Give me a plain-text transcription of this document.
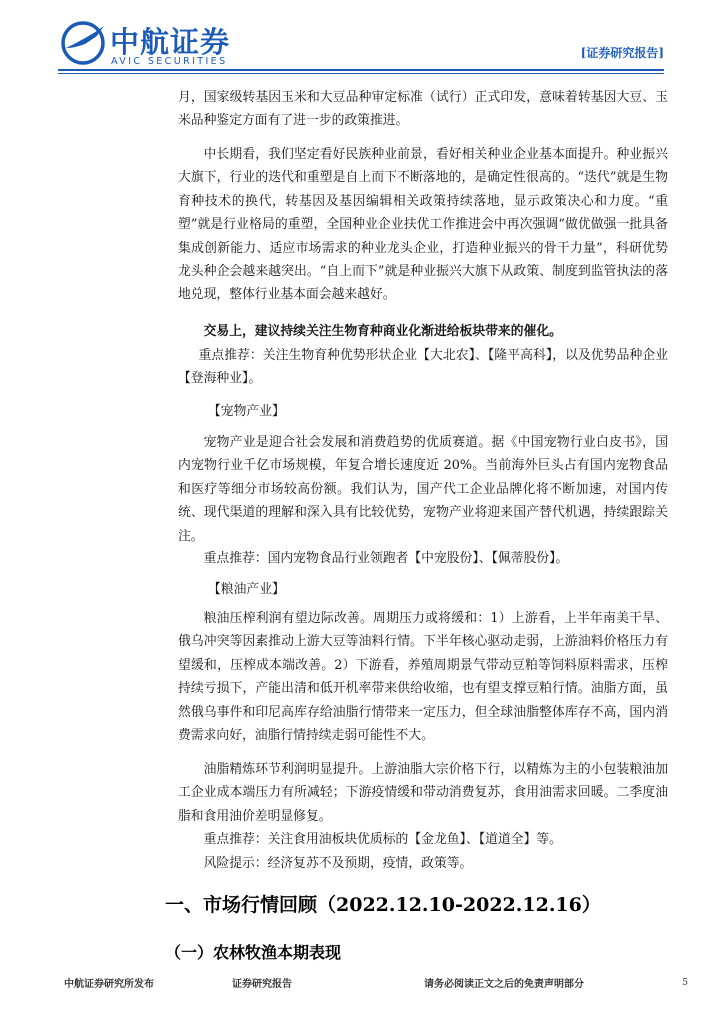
中航证券
AVIC SECURITIES
[证券研究报告]

月，国家级转基因玉米和大豆品种审定标准（试行）正式印发，意味着转基因大豆、玉米品种鉴定方面有了进一步的政策推进。

中长期看，我们坚定看好民族种业前景，看好相关种业企业基本面提升。种业振兴大旗下，行业的迭代和重塑是自上而下不断落地的，是确定性很高的。“迭代”就是生物育种技术的换代，转基因及基因编辑相关政策持续落地，显示政策决心和力度。“重塑”就是行业格局的重塑，全国种业企业扶优工作推进会中再次强调“做优做强一批具备集成创新能力、适应市场需求的种业龙头企业，打造种业振兴的骨干力量”，科研优势龙头种企会越来越突出。“自上而下”就是种业振兴大旗下从政策、制度到监管执法的落地兑现，整体行业基本面会越来越好。

交易上，建议持续关注生物育种商业化渐进给板块带来的催化。

重点推荐：关注生物育种优势形状企业【大北农】、【隆平高科】，以及优势品种企业【登海种业】。

【宠物产业】

宠物产业是迎合社会发展和消费趋势的优质赛道。据《中国宠物行业白皮书》，国内宠物行业千亿市场规模，年复合增长速度近 20%。当前海外巨头占有国内宠物食品和医疗等细分市场较高份额。我们认为，国产代工企业品牌化将不断加速，对国内传统、现代渠道的理解和深入具有比较优势，宠物产业将迎来国产替代机遇，持续跟踪关注。

重点推荐：国内宠物食品行业领跑者【中宠股份】、【佩蒂股份】。

【粮油产业】

粮油压榨利润有望边际改善。周期压力或将缓和：1）上游看，上半年南美干旱、俄乌冲突等因素推动上游大豆等油料行情。下半年核心驱动走弱，上游油料价格压力有望缓和，压榨成本端改善。2）下游看，养殖周期景气带动豆粕等饲料原料需求，压榨持续亏损下，产能出清和低开机率带来供给收缩，也有望支撑豆粕行情。油脂方面，虽然俄乌事件和印尼高库存给油脂行情带来一定压力，但全球油脂整体库存不高，国内消费需求向好，油脂行情持续走弱可能性不大。

油脂精炼环节利润明显提升。上游油脂大宗价格下行，以精炼为主的小包装粮油加工企业成本端压力有所减轻；下游疫情缓和带动消费复苏，食用油需求回暖。二季度油脂和食用油价差明显修复。

重点推荐：关注食用油板块优质标的【金龙鱼】、【道道全】等。

风险提示：经济复苏不及预期，疫情，政策等。

一、市场行情回顾（2022.12.10-2022.12.16）
（一）农林牧渔本期表现
中航证券研究所发布	证券研究报告	请务必阅读正文之后的免责声明部分	5
